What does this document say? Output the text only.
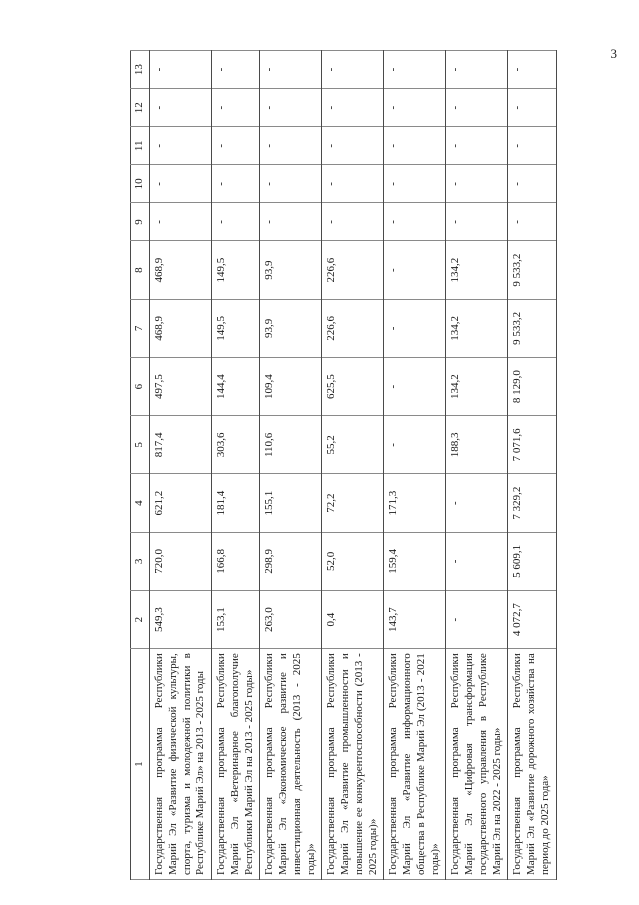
3
1	2	3	4	5	6	7	8	9	10	11	12	13
Государственная программа Республики Марий Эл «Развитие физической культуры, спорта, туризма и молодежной политики в Республике Марий Эл» на 2013 - 2025 годы	549,3	720,0	621,2	817,4	497,5	468,9	468,9	-	-	-	-	-
Государственная программа Республики Марий Эл «Ветеринарное благополучие Республики Марий Эл на 2013 - 2025 годы»	153,1	166,8	181,4	303,6	144,4	149,5	149,5	-	-	-	-	-
Государственная программа Республики Марий Эл «Экономическое развитие и инвестиционная деятельность (2013 - 2025 годы)»	263,0	298,9	155,1	110,6	109,4	93,9	93,9	-	-	-	-	-
Государственная программа Республики Марий Эл «Развитие промышленности и повышение ее конкурентоспособности (2013 - 2025 годы)»	0,4	52,0	72,2	55,2	625,5	226,6	226,6	-	-	-	-	-
Государственная программа Республики Марий Эл «Развитие информационного общества в Республике Марий Эл (2013 - 2021 годы)»	143,7	159,4	171,3	-	-	-	-	-	-	-	-	-
Государственная программа Республики Марий Эл «Цифровая трансформация государственного управления в Республике Марий Эл на 2022 - 2025 годы»	-	-	-	188,3	134,2	134,2	134,2	-	-	-	-	-
Государственная программа Республики Марий Эл «Развитие дорожного хозяйства на период до 2025 года»	4 072,7	5 609,1	7 329,2	7 071,6	8 129,0	9 533,2	9 533,2	-	-	-	-	-
